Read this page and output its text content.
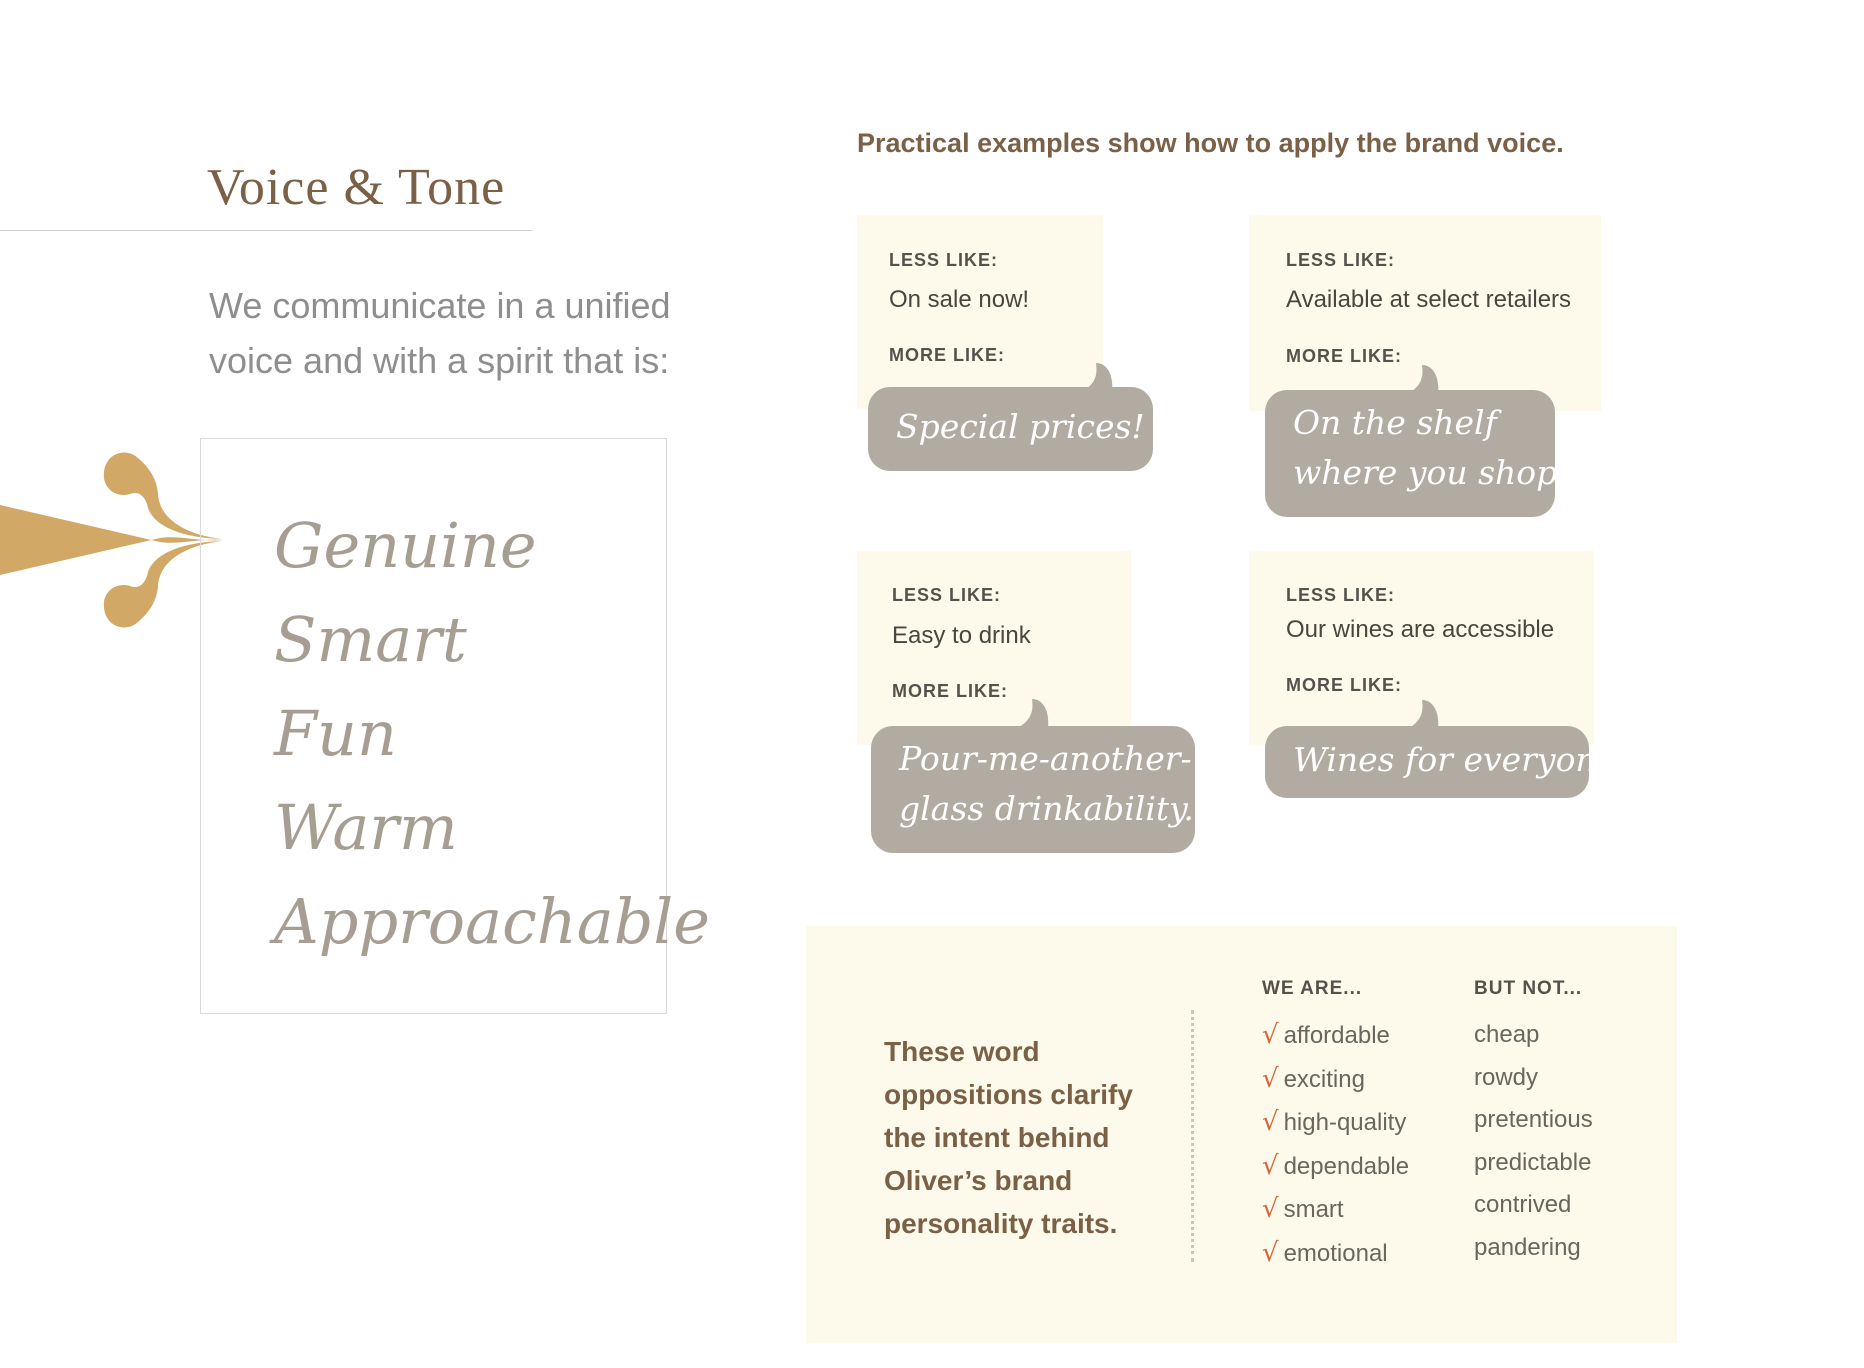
Voice & Tone
We communicate in a unified voice and with a spirit that is:
Genuine
Smart
Fun
Warm
Approachable
Practical examples show how to apply the brand voice.
LESS LIKE:
On sale now!
MORE LIKE:
Special prices!
LESS LIKE:
Available at select retailers
MORE LIKE:
On the shelf
where you shop.
LESS LIKE:
Easy to drink
MORE LIKE:
Pour-me-another-
glass drinkability.
LESS LIKE:
Our wines are accessible
MORE LIKE:
Wines for everyone.
These word oppositions clarify the intent behind Oliver’s brand personality traits.
WE ARE...
√ affordable
√ exciting
√ high-quality
√ dependable
√ smart
√ emotional
BUT NOT...
cheap
rowdy
pretentious
predictable
contrived
pandering
